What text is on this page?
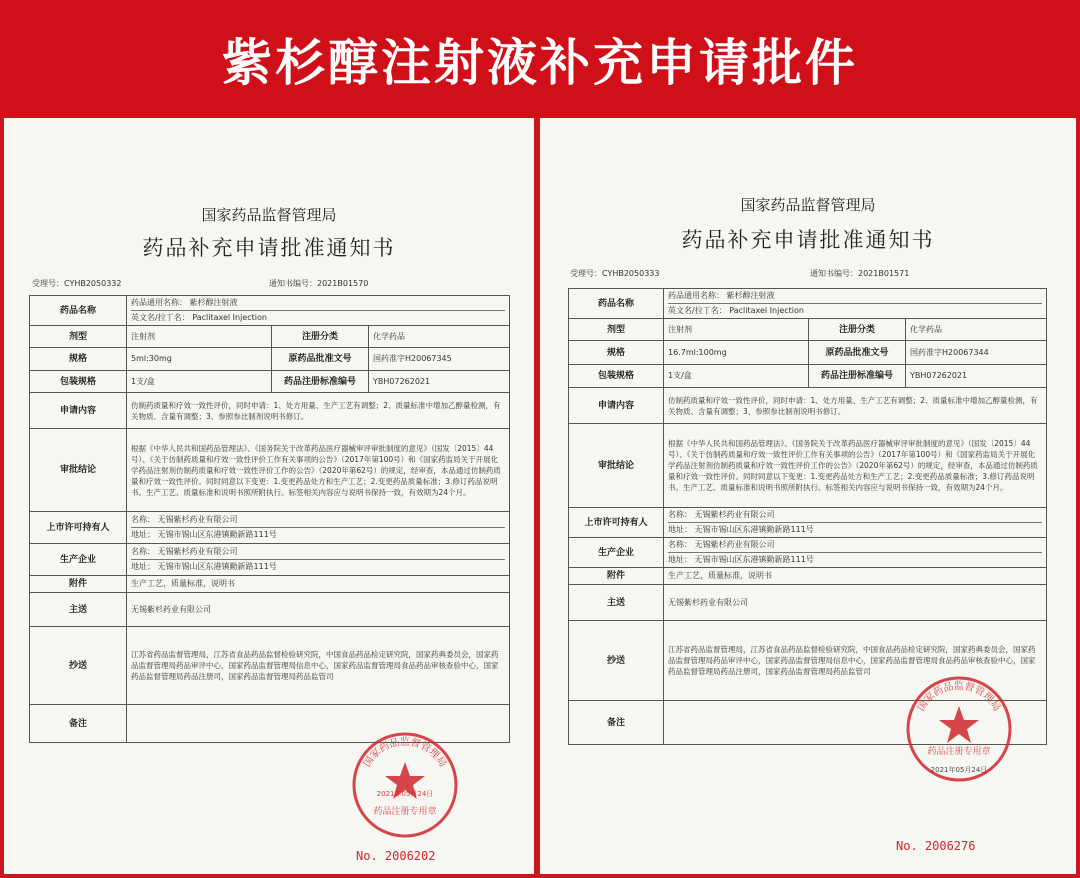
紫杉醇注射液补充申请批件
国家药品监督管理局
药品补充申请批准通知书
受理号：CYHB2050332	通知书编号：2021B01570
药品名称	药品通用名称： 紫杉醇注射液
英文名/拉丁名： Paclitaxel Injection		

剂型	注射剂	注册分类	化学药品
规格	5ml:30mg	原药品批准文号	国药准字H20067345
包装规格	1支/盒	药品注册标准编号	YBH07262021
申请内容	仿制药质量和疗效一致性评价，同时申请：1、处方用量、生产工艺有调整；2、质量标准中增加乙醇量检测，有关物质、含量有调整；3、参照参比制剂说明书修订。		
审批结论	根据《中华人民共和国药品管理法》、《国务院关于改革药品医疗器械审评审批制度的意见》（国发〔2015〕44号）、《关于仿制药质量和疗效一致性评价工作有关事项的公告》（2017年第100号）和《国家药监局关于开展化学药品注射剂仿制药质量和疗效一致性评价工作的公告》（2020年第62号）的规定，经审查，本品通过仿制药质量和疗效一致性评价。同时同意以下变更：1.变更药品处方和生产工艺；2.变更药品质量标准；3.修订药品说明书。生产工艺、质量标准和说明书照所附执行。标签相关内容应与说明书保持一致，有效期为24个月。		
上市许可持有人	名称： 无锡紫杉药业有限公司
地址： 无锡市锡山区东港镇勤新路111号		

生产企业	名称： 无锡紫杉药业有限公司
地址： 无锡市锡山区东港镇勤新路111号		

附件	生产工艺，质量标准，说明书		
主送	无锡紫杉药业有限公司		
抄送	江苏省药品监督管理局，江苏省食品药品监督检验研究院，中国食品药品检定研究院，国家药典委员会，国家药品监督管理局药品审评中心，国家药品监督管理局信息中心，国家药品监督管理局食品药品审核查验中心，国家药品监督管理局药品注册司，国家药品监督管理局药品监管司		
备注			
国家药品监督管理局
2021年05月24日
药品注册专用章
No. 2006202
国家药品监督管理局
药品补充申请批准通知书
受理号：CYHB2050333	通知书编号：2021B01571
药品名称	药品通用名称： 紫杉醇注射液
英文名/拉丁名： Paclitaxel Injection		

剂型	注射剂	注册分类	化学药品
规格	16.7ml:100mg	原药品批准文号	国药准字H20067344
包装规格	1支/盒	药品注册标准编号	YBH07262021
申请内容	仿制药质量和疗效一致性评价，同时申请：1、处方用量、生产工艺有调整；2、质量标准中增加乙醇量检测，有关物质、含量有调整；3、参照参比制剂说明书修订。		
审批结论	根据《中华人民共和国药品管理法》、《国务院关于改革药品医疗器械审评审批制度的意见》（国发〔2015〕44号）、《关于仿制药质量和疗效一致性评价工作有关事项的公告》（2017年第100号）和《国家药监局关于开展化学药品注射剂仿制药质量和疗效一致性评价工作的公告》（2020年第62号）的规定，经审查，本品通过仿制药质量和疗效一致性评价。同时同意以下变更：1.变更药品处方和生产工艺；2.变更药品质量标准；3.修订药品说明书。生产工艺、质量标准和说明书照所附执行。标签相关内容应与说明书保持一致，有效期为24个月。		
上市许可持有人	名称： 无锡紫杉药业有限公司
地址： 无锡市锡山区东港镇勤新路111号		

生产企业	名称： 无锡紫杉药业有限公司
地址： 无锡市锡山区东港镇勤新路111号		

附件	生产工艺，质量标准，说明书		
主送	无锡紫杉药业有限公司		
抄送	江苏省药品监督管理局，江苏省食品药品监督检验研究院，中国食品药品检定研究院，国家药典委员会，国家药品监督管理局药品审评中心，国家药品监督管理局信息中心，国家药品监督管理局食品药品审核查验中心，国家药品监督管理局药品注册司，国家药品监督管理局药品监管司		
备注			
国家药品监督管理局
药品注册专用章
2021年05月24日
No. 2006276
